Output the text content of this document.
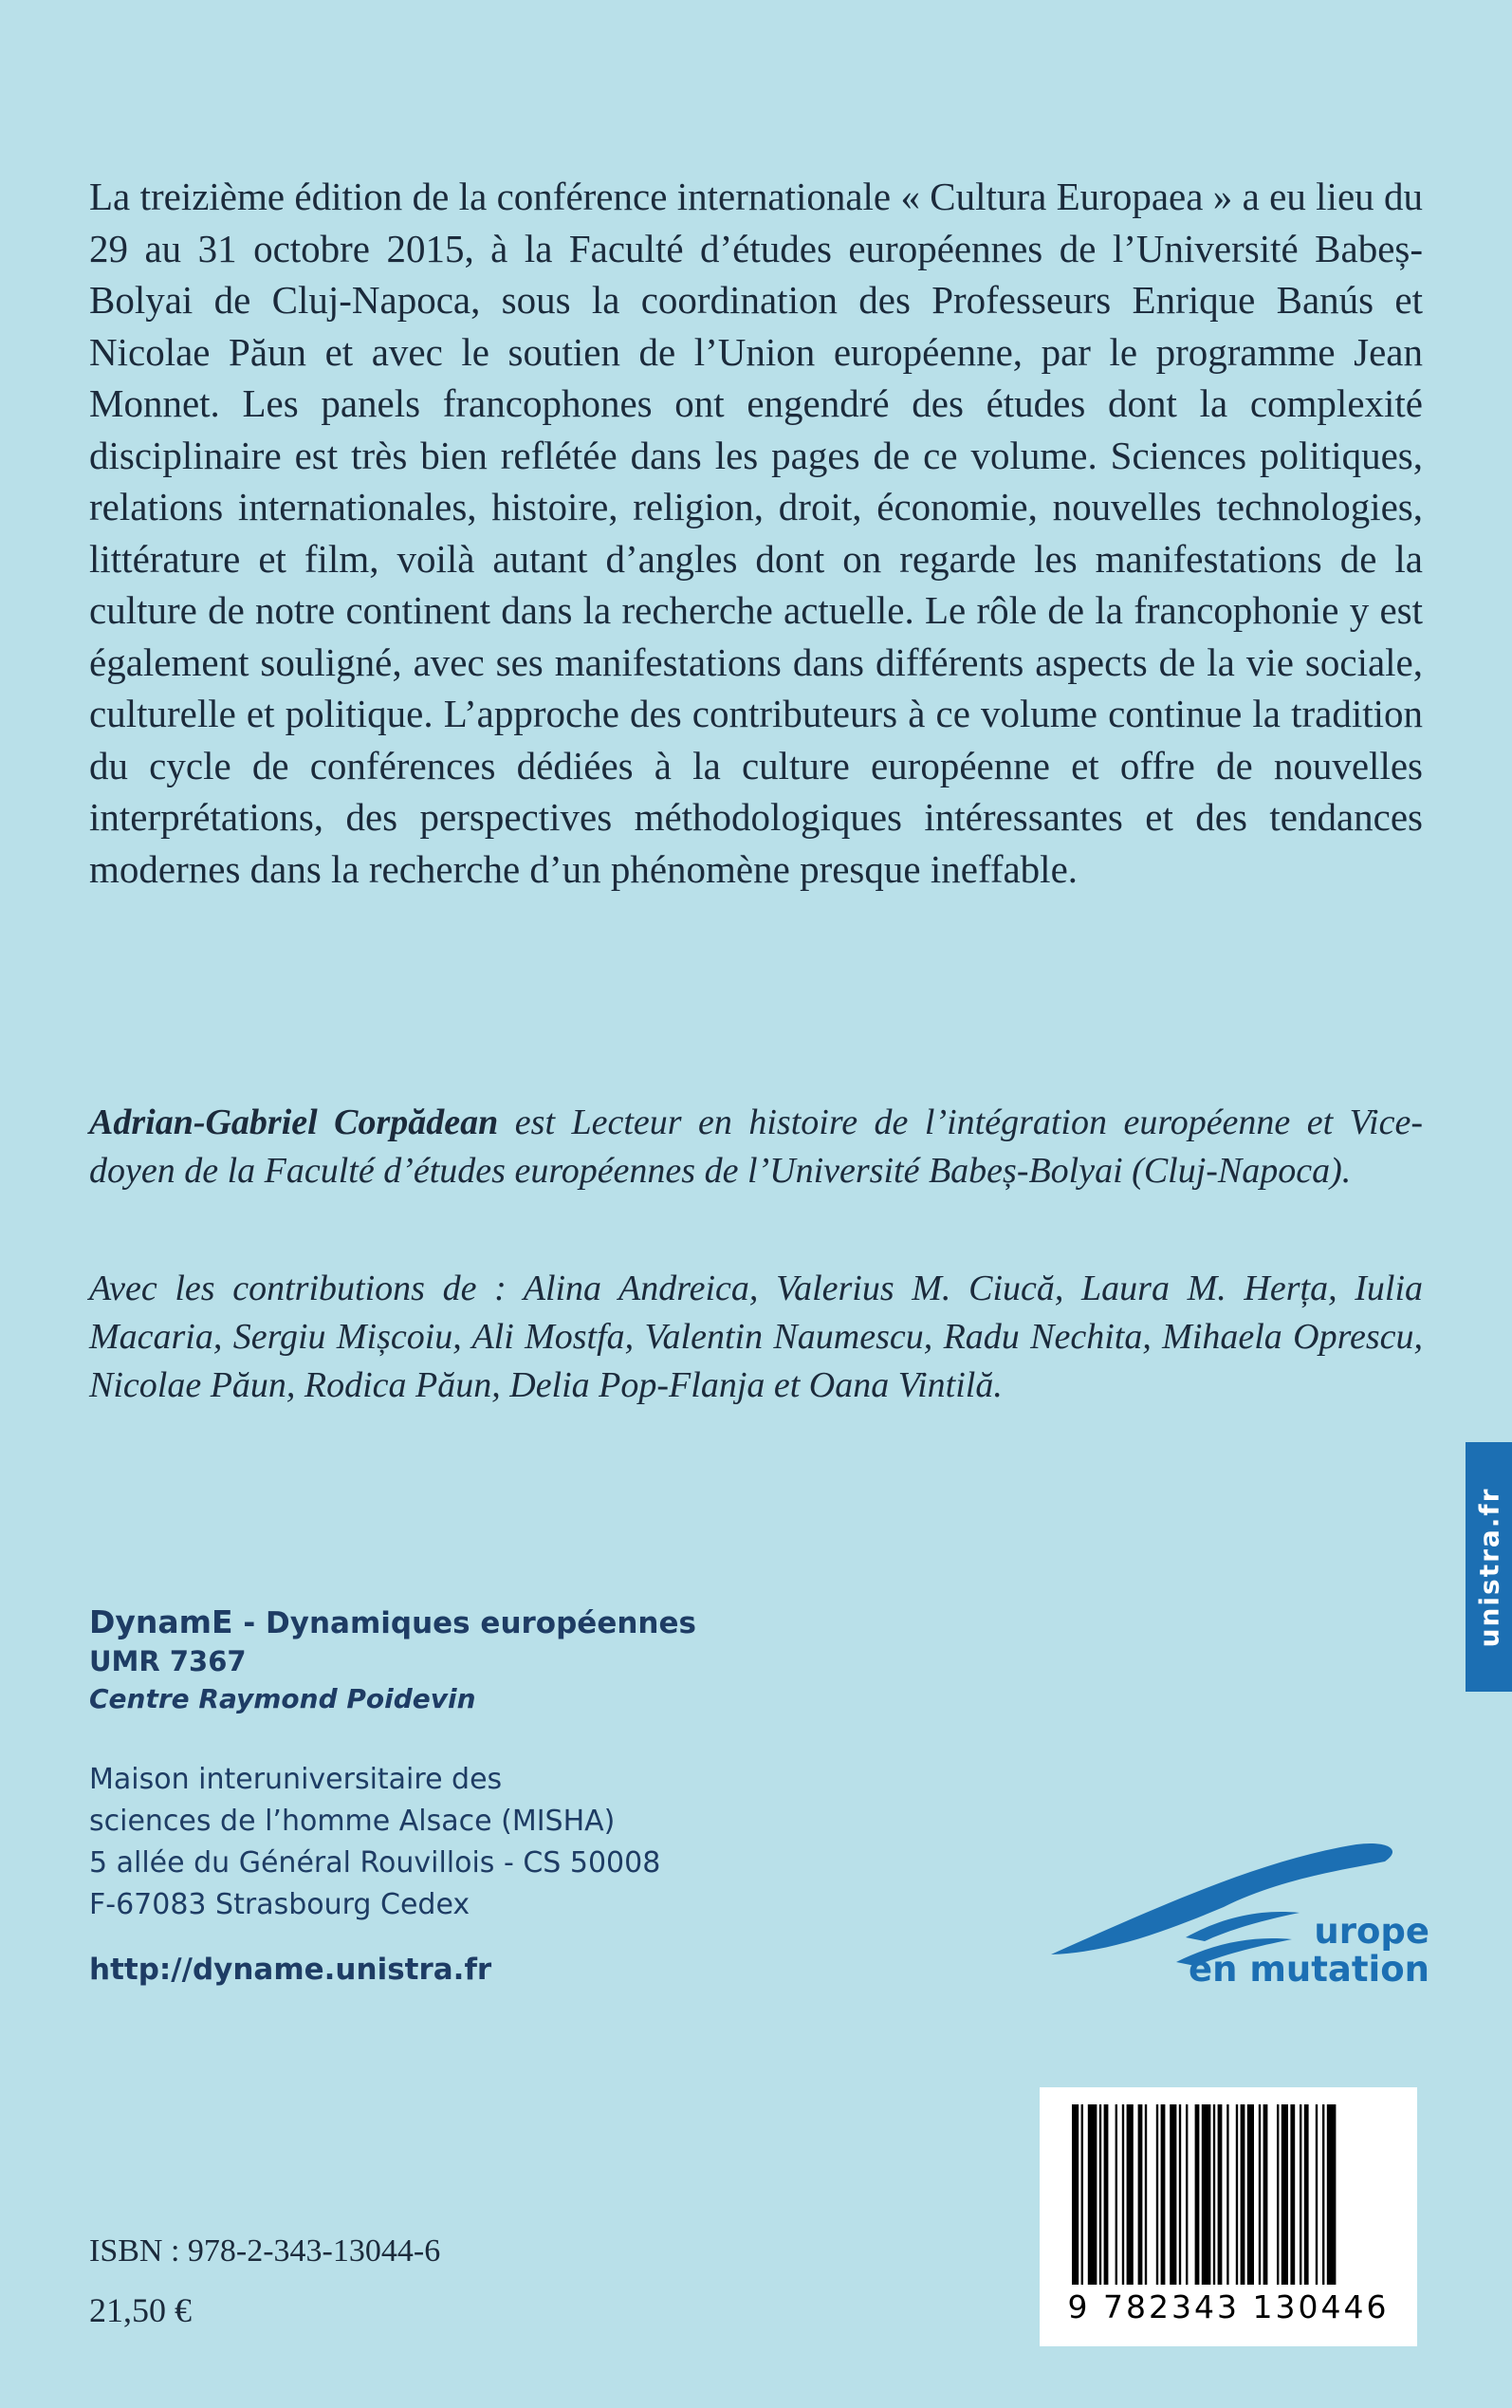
La treizième édition de la conférence internationale « Cultura Europaea » a eu lieu du 29 au 31 octobre 2015, à la Faculté d’études européennes de l’Université Babeș-Bolyai de Cluj-Napoca, sous la coordination des Professeurs Enrique Banús et Nicolae Păun et avec le soutien de l’Union européenne, par le programme Jean Monnet. Les panels francophones ont engendré des études dont la complexité disciplinaire est très bien reflétée dans les pages de ce volume. Sciences politiques, relations internationales, histoire, religion, droit, économie, nouvelles technologies, littérature et film, voilà autant d’angles dont on regarde les manifestations de la culture de notre continent dans la recherche actuelle. Le rôle de la francophonie y est également souligné, avec ses manifestations dans différents aspects de la vie sociale, culturelle et politique. L’approche des contributeurs à ce volume continue la tradition du cycle de conférences dédiées à la culture européenne et offre de nouvelles interprétations, des perspectives méthodologiques intéressantes et des tendances modernes dans la recherche d’un phénomène presque ineffable.

Adrian-Gabriel Corpădean est Lecteur en histoire de l’intégration européenne et Vice-doyen de la Faculté d’études européennes de l’Université Babeș-Bolyai (Cluj-Napoca).

Avec les contributions de : Alina Andreica, Valerius M. Ciucă, Laura M. Herța, Iulia Macaria, Sergiu Mișcoiu, Ali Mostfa, Valentin Naumescu, Radu Nechita, Mihaela Oprescu, Nicolae Păun, Rodica Păun, Delia Pop-Flanja et Oana Vintilă.

unistra.fr
DynamE - Dynamiques européennes
UMR 7367
Centre Raymond Poidevin
Maison interuniversitaire des
sciences de l’homme Alsace (MISHA)
5 allée du Général Rouvillois - CS 50008
F-67083 Strasbourg Cedex
http://dyname.unistra.fr
urope
en mutation
9 782343 130446
ISBN : 978-2-343-13044-6
21,50 €
